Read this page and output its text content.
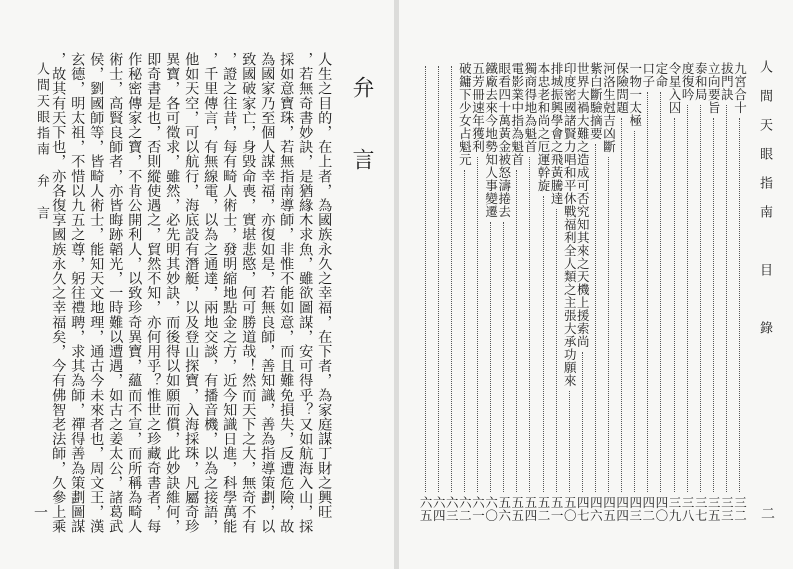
人間天眼指南　弁　言
一
弁言
人生之目的，在上者，為國族永久之幸福，在下者，為家庭謀丁財之興旺
，若無奇書妙訣，是猶緣木求魚，雖欲圖謀，安可得乎？又如航海入山，採
採如意寶珠，若無指南導師，非惟不能如意，而且難免損失，反遭危險，故
為國家乃至個人謀幸福，亦復如是，若無良師，善知識，善為指導策劃，以
致國破家亡，身毀命喪，實堪悲愍，何可勝道哉！然而天下之大，無奇不有
，證之往昔，每有畸人術士，發明縮地點金之方，近今知識日進，科學萬能
，千里傳言，有無線電，以為之通達，兩地交談，有播音機，以為之接語，
他如天空，可以航行，海底設有潛艇，以及登山探寶，入海採珠，凡屬奇珍
異寶，各可徵求，雖然，必先明其妙訣，而後得以如願而償，此妙訣維何，
即奇書是也，否則縱使遇之，貿然不知，亦何用乎？惟世之珍藏奇書者，每
作秘密傳家之寶，不肯公開利人，以致珍奇異寶，蘊而不宣，而所稱為畸人
術士，高賢良師者，亦皆晦跡韜光，一時難以遭遇，如古之姜太公，諸葛武
侯，劉國師等，皆畸人術士，能知天文地理，通古今未來者也，周文王，漢
玄德，明太祖，不惜以九五之尊，躬往禮聘，求其為師，禪得善為策劃圖謀
，故其有天下也，亦各復享國族永久之幸福矣，今有佛智老法師，久參上乘	人間天眼指南　目　錄
二
九宮合十
三二
拔門訣
三三
立向要旨
三五
泰和局
三七
度復吟
三八
令星入囚
三九
定命
四〇
口子
四二
一物一太極
四三
保險問題
四四
河洛生尅吉凶斷
四五
紫白斷驗摘要
四六
世界大禍大難之造成可否究知其來之天機上援索尚
四七
印度密國諸賢力唱和平休戰福利全人類之主張大承功願來
五〇
排城振興學會之飛黃騰達
五一
本忠老和尚之厄運幹旋
五二
獨商得地為魁首
五四
電影業中指為魁首
五五
眼看四十萬黃金被怒濤捲去
五六
鐵廠去來今地勢知人事變遷
六〇
五芳冊速年獲利
六一
破鏞下少女占魁元
六二
六三
六四
六五
